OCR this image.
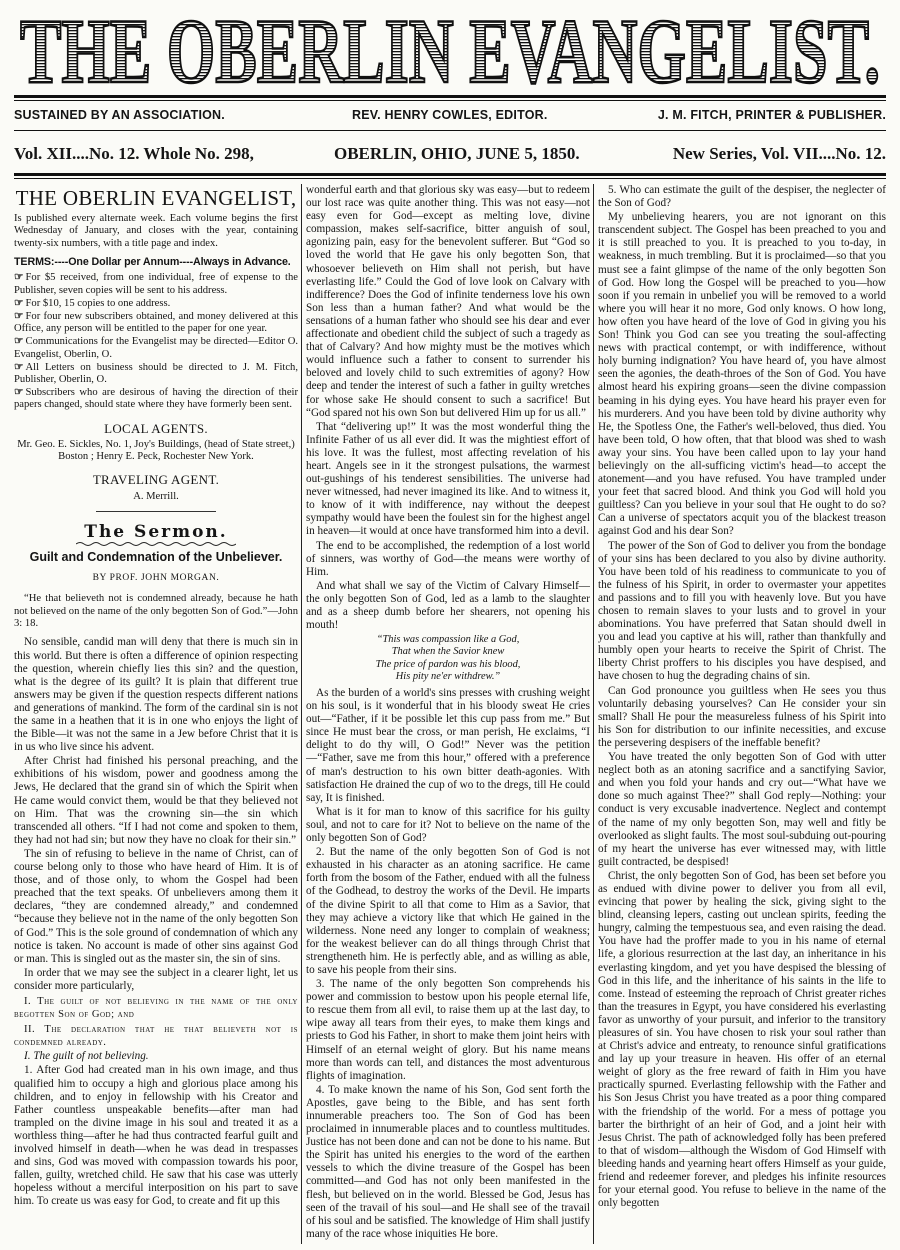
THE OBERLIN EVANGELIST.
SUSTAINED BY AN ASSOCIATION.	REV. HENRY COWLES, EDITOR.	J. M. FITCH, PRINTER & PUBLISHER.
Vol. XII....No. 12. Whole No. 298,	OBERLIN, OHIO, JUNE 5, 1850.	New Series, Vol. VII....No. 12.
THE OBERLIN EVANGELIST,
Is published every alternate week. Each volume begins the first Wednesday of January, and closes with the year, containing twenty-six numbers, with a title page and index.
TERMS:----One Dollar per Annum----Always in Advance.

☞ For $5 received, from one individual, free of expense to the Publisher, seven copies will be sent to his address.

☞ For $10, 15 copies to one address.

☞ For four new subscribers obtained, and money delivered at this Office, any person will be entitled to the paper for one year.

☞ Communications for the Evangelist may be directed—Editor O. Evangelist, Oberlin, O.

☞ All Letters on business should be directed to J. M. Fitch, Publisher, Oberlin, O.

☞ Subscribers who are desirous of having the direction of their papers changed, should state where they have formerly been sent.

LOCAL AGENTS.
Mr. Geo. E. Sickles, No. 1, Joy's Buildings, (head of State street,) Boston ; Henry E. Peck, Rochester New York.
TRAVELING AGENT.
A. Merrill.
The Sermon.
Guilt and Condemnation of the Unbeliever.
BY PROF. JOHN MORGAN.
“He that believeth not is condemned already, because he hath not believed on the name of the only begotten Son of God.”—John 3: 18.

No sensible, candid man will deny that there is much sin in this world. But there is often a difference of opinion respecting the question, wherein chiefly lies this sin? and the question, what is the degree of its guilt? It is plain that different true answers may be given if the question respects different nations and generations of mankind. The form of the cardinal sin is not the same in a heathen that it is in one who enjoys the light of the Bible—it was not the same in a Jew before Christ that it is in us who live since his advent.

After Christ had finished his personal preaching, and the exhibitions of his wisdom, power and goodness among the Jews, He declared that the grand sin of which the Spirit when He came would convict them, would be that they believed not on Him. That was the crowning sin—the sin which transcended all others. “If I had not come and spoken to them, they had not had sin; but now they have no cloak for their sin.”

The sin of refusing to believe in the name of Christ, can of course belong only to those who have heard of Him. It is of those, and of those only, to whom the Gospel had been preached that the text speaks. Of unbelievers among them it declares, “they are condemned already,” and condemned “because they believe not in the name of the only begotten Son of God.” This is the sole ground of condemnation of which any notice is taken. No account is made of other sins against God or man. This is singled out as the master sin, the sin of sins.

In order that we may see the subject in a clearer light, let us consider more particularly,

I. The guilt of not believing in the name of the only begotten Son of God; and

II. The declaration that he that believeth not is condemned already.

I. The guilt of not believing.

1. After God had created man in his own image, and thus qualified him to occupy a high and glorious place among his children, and to enjoy in fellowship with his Creator and Father countless unspeakable benefits—after man had trampled on the divine image in his soul and treated it as a worthless thing—after he had thus contracted fearful guilt and involved himself in death—when he was dead in trespasses and sins, God was moved with compassion towards his poor, fallen, guilty, wretched child. He saw that his case was utterly hopeless without a merciful interposition on his part to save him. To create us was easy for God, to create and fit up this

wonderful earth and that glorious sky was easy—but to redeem our lost race was quite another thing. This was not easy—not easy even for God—except as melting love, divine compassion, makes self-sacrifice, bitter anguish of soul, agonizing pain, easy for the benevolent sufferer. But “God so loved the world that He gave his only begotten Son, that whosoever believeth on Him shall not perish, but have everlasting life.” Could the God of love look on Calvary with indifference? Does the God of infinite tenderness love his own Son less than a human father? And what would be the sensations of a human father who should see his dear and ever affectionate and obedient child the subject of such a tragedy as that of Calvary? And how mighty must be the motives which would influence such a father to consent to surrender his beloved and lovely child to such extremities of agony? How deep and tender the interest of such a father in guilty wretches for whose sake He should consent to such a sacrifice! But “God spared not his own Son but delivered Him up for us all.”

That “delivering up!” It was the most wonderful thing the Infinite Father of us all ever did. It was the mightiest effort of his love. It was the fullest, most affecting revelation of his heart. Angels see in it the strongest pulsations, the warmest out-gushings of his tenderest sensibilities. The universe had never witnessed, had never imagined its like. And to witness it, to know of it with indifference, nay without the deepest sympathy would have been the foulest sin for the highest angel in heaven—it would at once have transformed him into a devil.

The end to be accomplished, the redemption of a lost world of sinners, was worthy of God—the means were worthy of Him.

And what shall we say of the Victim of Calvary Himself—the only begotten Son of God, led as a lamb to the slaughter and as a sheep dumb before her shearers, not opening his mouth!

“This was compassion like a God,
That when the Savior knew
The price of pardon was his blood,
His pity ne'er withdrew.”

As the burden of a world's sins presses with crushing weight on his soul, is it wonderful that in his bloody sweat He cries out—“Father, if it be possible let this cup pass from me.” But since He must bear the cross, or man perish, He exclaims, “I delight to do thy will, O God!” Never was the petition—“Father, save me from this hour,” offered with a preference of man's destruction to his own bitter death-agonies. With satisfaction He drained the cup of wo to the dregs, till He could say, It is finished.

What is it for man to know of this sacrifice for his guilty soul, and not to care for it? Not to believe on the name of the only begotten Son of God?

2. But the name of the only begotten Son of God is not exhausted in his character as an atoning sacrifice. He came forth from the bosom of the Father, endued with all the fulness of the Godhead, to destroy the works of the Devil. He imparts of the divine Spirit to all that come to Him as a Savior, that they may achieve a victory like that which He gained in the wilderness. None need any longer to complain of weakness; for the weakest believer can do all things through Christ that strengtheneth him. He is perfectly able, and as willing as able, to save his people from their sins.

3. The name of the only begotten Son comprehends his power and commission to bestow upon his people eternal life, to rescue them from all evil, to raise them up at the last day, to wipe away all tears from their eyes, to make them kings and priests to God his Father, in short to make them joint heirs with Himself of an eternal weight of glory. But his name means more than words can tell, and distances the most adventurous flights of imagination.

4. To make known the name of his Son, God sent forth the Apostles, gave being to the Bible, and has sent forth innumerable preachers too. The Son of God has been proclaimed in innumerable places and to countless multitudes. Justice has not been done and can not be done to his name. But the Spirit has united his energies to the word of the earthen vessels to which the divine treasure of the Gospel has been committed—and God has not only been manifested in the flesh, but believed on in the world. Blessed be God, Jesus has seen of the travail of his soul—and He shall see of the travail of his soul and be satisfied. The knowledge of Him shall justify many of the race whose iniquities He bore.

5. Who can estimate the guilt of the despiser, the neglecter of the Son of God?

My unbelieving hearers, you are not ignorant on this transcendent subject. The Gospel has been preached to you and it is still preached to you. It is preached to you to-day, in weakness, in much trembling. But it is proclaimed—so that you must see a faint glimpse of the name of the only begotten Son of God. How long the Gospel will be preached to you—how soon if you remain in unbelief you will be removed to a world where you will hear it no more, God only knows. O how long, how often you have heard of the love of God in giving you his Son! Think you God can see you treating the soul-affecting news with practical contempt, or with indifference, without holy burning indignation? You have heard of, you have almost seen the agonies, the death-throes of the Son of God. You have almost heard his expiring groans—seen the divine compassion beaming in his dying eyes. You have heard his prayer even for his murderers. And you have been told by divine authority why He, the Spotless One, the Father's well-beloved, thus died. You have been told, O how often, that that blood was shed to wash away your sins. You have been called upon to lay your hand believingly on the all-sufficing victim's head—to accept the atonement—and you have refused. You have trampled under your feet that sacred blood. And think you God will hold you guiltless? Can you believe in your soul that He ought to do so? Can a universe of spectators acquit you of the blackest treason against God and his dear Son?

The power of the Son of God to deliver you from the bondage of your sins has been declared to you also by divine authority. You have been told of his readiness to communicate to you of the fulness of his Spirit, in order to overmaster your appetites and passions and to fill you with heavenly love. But you have chosen to remain slaves to your lusts and to grovel in your abominations. You have preferred that Satan should dwell in you and lead you captive at his will, rather than thankfully and humbly open your hearts to receive the Spirit of Christ. The liberty Christ proffers to his disciples you have despised, and have chosen to hug the degrading chains of sin.

Can God pronounce you guiltless when He sees you thus voluntarily debasing yourselves? Can He consider your sin small? Shall He pour the measureless fulness of his Spirit into his Son for distribution to our infinite necessities, and excuse the persevering despisers of the ineffable benefit?

You have treated the only begotten Son of God with utter neglect both as an atoning sacrifice and a sanctifying Savior, and when you fold your hands and cry out—“What have we done so much against Thee?” shall God reply—Nothing: your conduct is very excusable inadvertence. Neglect and contempt of the name of my only begotten Son, may well and fitly be overlooked as slight faults. The most soul-subduing out-pouring of my heart the universe has ever witnessed may, with little guilt contracted, be despised!

Christ, the only begotten Son of God, has been set before you as endued with divine power to deliver you from all evil, evincing that power by healing the sick, giving sight to the blind, cleansing lepers, casting out unclean spirits, feeding the hungry, calming the tempestuous sea, and even raising the dead. You have had the proffer made to you in his name of eternal life, a glorious resurrection at the last day, an inheritance in his everlasting kingdom, and yet you have despised the blessing of God in this life, and the inheritance of his saints in the life to come. Instead of esteeming the reproach of Christ greater riches than the treasures in Egypt, you have considered his everlasting favor as unworthy of your pursuit, and inferior to the transitory pleasures of sin. You have chosen to risk your soul rather than at Christ's advice and entreaty, to renounce sinful gratifications and lay up your treasure in heaven. His offer of an eternal weight of glory as the free reward of faith in Him you have practically spurned. Everlasting fellowship with the Father and his Son Jesus Christ you have treated as a poor thing compared with the friendship of the world. For a mess of pottage you barter the birthright of an heir of God, and a joint heir with Jesus Christ. The path of acknowledged folly has been prefered to that of wisdom—although the Wisdom of God Himself with bleeding hands and yearning heart offers Himself as your guide, friend and redeemer forever, and pledges his infinite resources for your eternal good. You refuse to believe in the name of the only begotten
